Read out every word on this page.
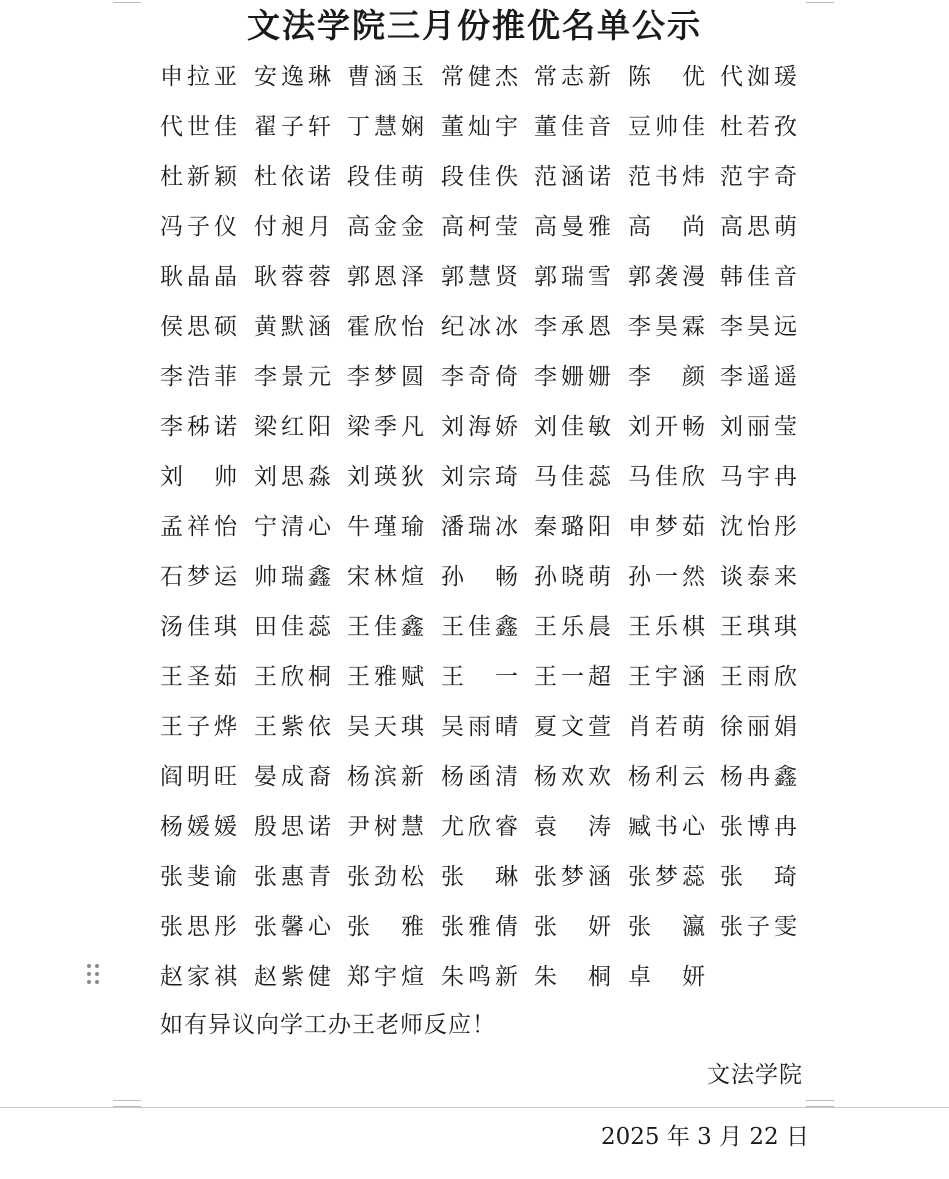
文法学院三月份推优名单公示
申 拉 亚 安 逸 琳 曹 涵 玉 常 健 杰 常 志 新 陈
　 优 代 洳 瑗
代 世 佳 翟 子 轩 丁 慧 娴 董 灿 宇 董 佳 音 豆 帅 佳 杜 若 孜
杜 新 颖 杜 依 诺 段 佳 萌 段 佳 佚 范 涵 诺 范 书 炜 范 宇 奇
冯 子 仪 付 昶 月 高 金 金 高 柯 莹 高 曼 雅 高
　 尚 高 思 萌
耿 晶 晶 耿 蓉 蓉 郭 恩 泽 郭 慧 贤 郭 瑞 雪 郭 袭 漫 韩 佳 音
侯 思 硕 黄 默 涵 霍 欣 怡 纪 冰 冰 李 承 恩 李 昊 霖 李 昊 远
李 浩 菲 李 景 元 李 梦 圆 李 奇 倚 李 姗 姗 李
　 颜 李 遥 遥
李 秭 诺 梁 红 阳 梁 季 凡 刘 海 娇 刘 佳 敏 刘 开 畅 刘 丽 莹
刘
　 帅 刘 思 淼 刘 瑛 狄 刘 宗 琦 马 佳 蕊 马 佳 欣 马 宇 冉
孟 祥 怡 宁 清 心 牛 瑾 瑜 潘 瑞 冰 秦 璐 阳 申 梦 茹 沈 怡 彤
石 梦 运 帅 瑞 鑫 宋 林 煊 孙
　 畅 孙 晓 萌 孙 一 然 谈 泰 来
汤 佳 琪 田 佳 蕊 王 佳 鑫 王 佳 鑫 王 乐 晨 王 乐 棋 王 琪 琪
王 圣 茹 王 欣 桐 王 雅 赋 王
　 一 王 一 超 王 宇 涵 王 雨 欣
王 子 烨 王 紫 依 吴 天 琪 吴 雨 晴 夏 文 萱 肖 若 萌 徐 丽 娟
阎 明 旺 晏 成 裔 杨 滨 新 杨 函 清 杨 欢 欢 杨 利 云 杨 冉 鑫
杨 媛 媛 殷 思 诺 尹 树 慧 尤 欣 睿 袁
　 涛 臧 书 心 张 博 冉
张 斐 谕 张 惠 青 张 劲 松 张
　 琳 张 梦 涵 张 梦 蕊 张
　 琦
张 思 彤 张 馨 心 张
　 雅 张 雅 倩 张
　 妍 张
　 瀛 张 子 雯
赵 家 祺 赵 紫 健 郑 宇 煊 朱 鸣 新 朱
　 桐 卓
　 妍
如有异议向学工办王老师反应！
文法学院
2025 年 3 月 22 日
